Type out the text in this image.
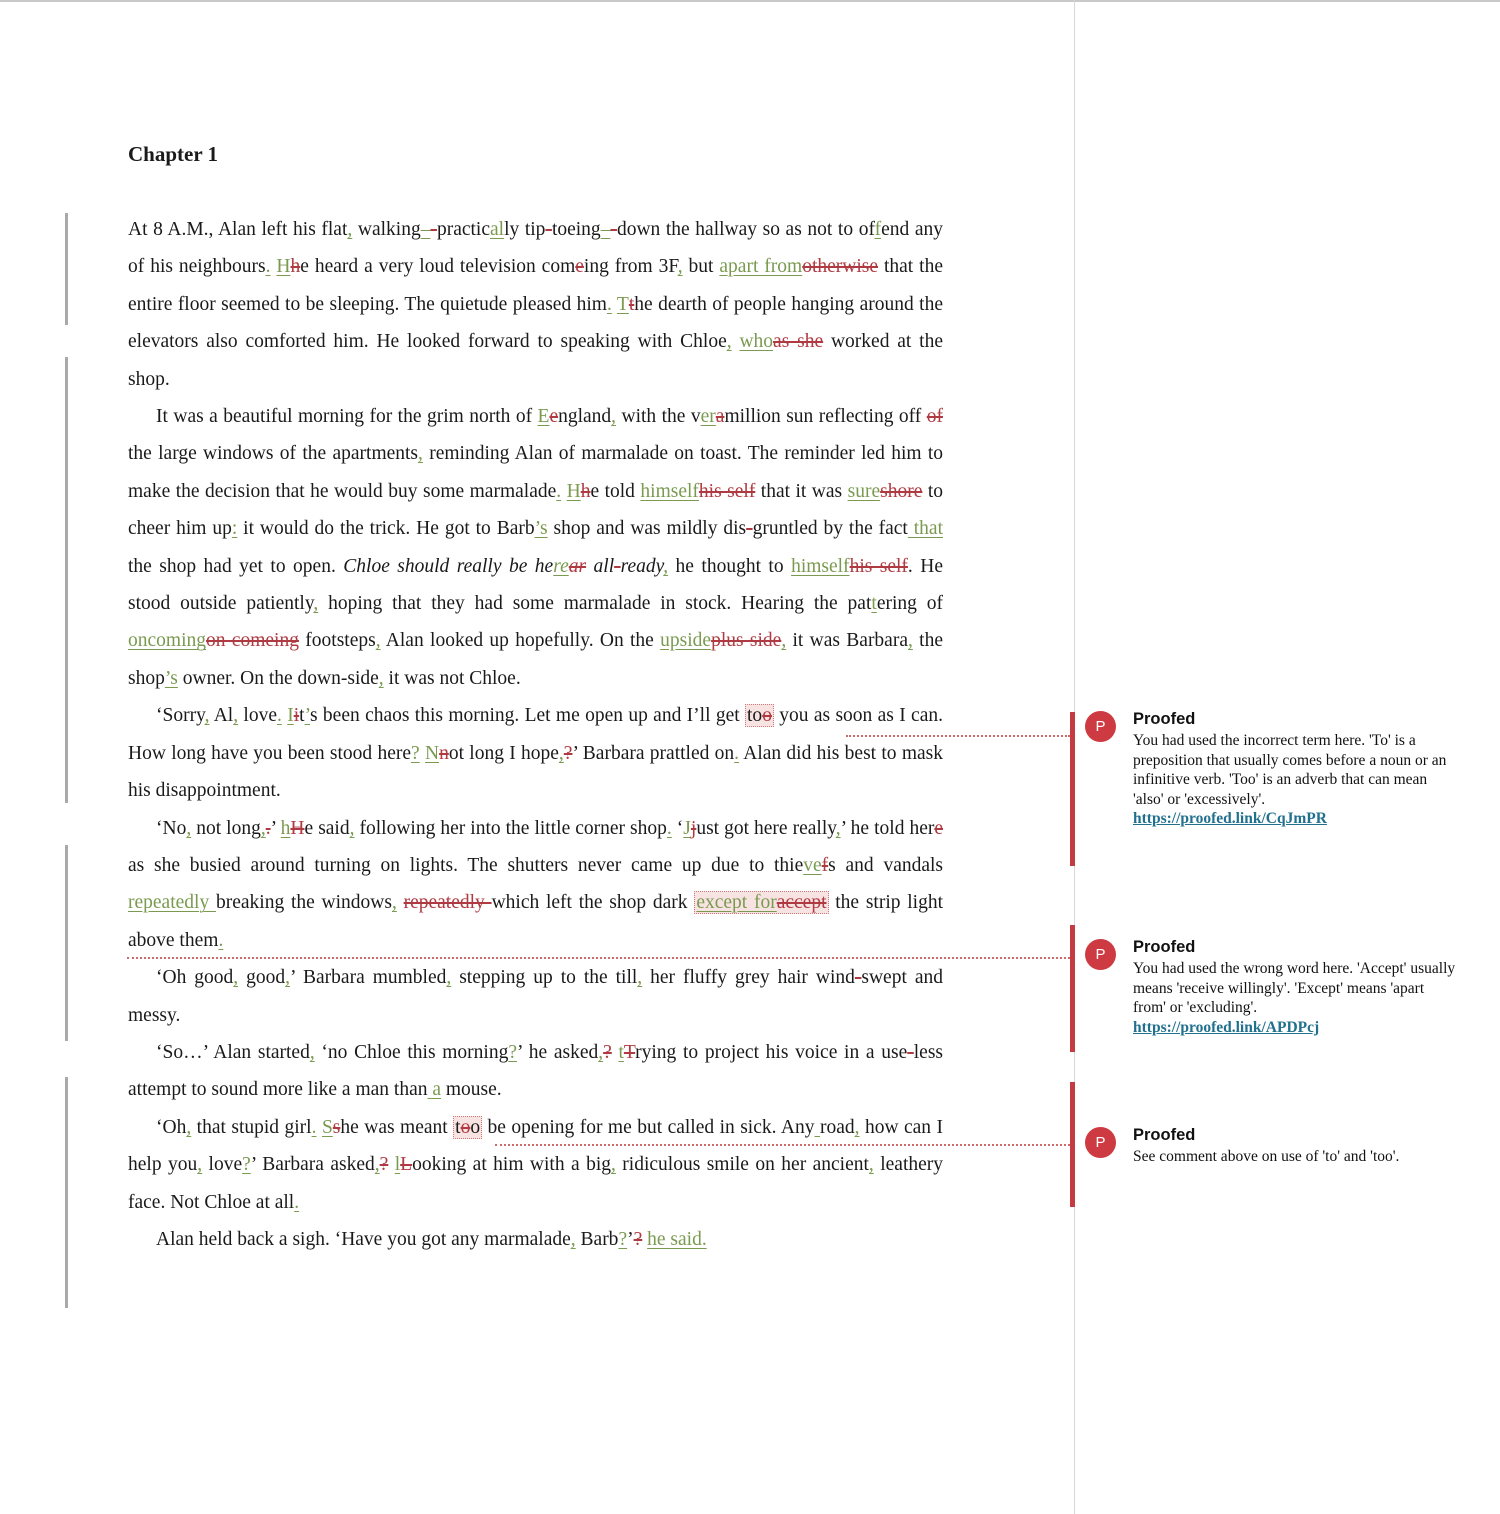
Chapter 1

At 8 A.M., Alan left his flat, walking–-practically tip-toeing–-down the hallway so as not to offend any of his neighbours. Hhe heard a very loud television comeing from 3F, but apart fromotherwise that the entire floor seemed to be sleeping. The quietude pleased him. Tthe dearth of people hanging around the elevators also comforted him. He looked forward to speaking with Chloe, whoas she worked at the shop.

It was a beautiful morning for the grim north of Eengland, with the veramillion sun reflecting off of the large windows of the apartments, reminding Alan of marmalade on toast. The reminder led him to make the decision that he would buy some marmalade. Hhe told himselfhis self that it was sureshore to cheer him up: it would do the trick. He got to Barb’s shop and was mildly dis-gruntled by the fact that the shop had yet to open. Chloe should really be herear all-ready, he thought to himselfhis self. He stood outside patiently, hoping that they had some marmalade in stock. Hearing the pattering of oncomingon comeing footsteps, Alan looked up hopefully. On the upsideplus side, it was Barbara, the shop’s owner. On the down-side, it was not Chloe.

‘Sorry, Al, love. Iit’s been chaos this morning. Let me open up and I’ll get too you as soon as I can. How long have you been stood here? Nnot long I hope,?’ Barbara prattled on. Alan did his best to mask his disappointment.

‘No, not long,.’ hHe said, following her into the little corner shop. ‘Jjust got here really,’ he told here as she busied around turning on lights. The shutters never came up due to thievefs and vandals repeatedly breaking the windows, repeatedly which left the shop dark except foraccept the strip light above them.

‘Oh good, good,’ Barbara mumbled, stepping up to the till, her fluffy grey hair wind-swept and messy.

‘So…’ Alan started, ‘no Chloe this morning?’ he asked,? tTrying to project his voice in a use-less attempt to sound more like a man than a mouse.

‘Oh, that stupid girl. Sshe was meant too be opening for me but called in sick. Any road, how can I help you, love?’ Barbara asked,? lLooking at him with a big, ridiculous smile on her ancient, leathery face. Not Chloe at all.

Alan held back a sigh. ‘Have you got any marmalade, Barb?’? he said.

P	Proofed
You had used the incorrect term here. 'To' is a preposition that usually comes before a noun or an infinitive verb. 'Too' is an adverb that can mean 'also' or 'excessively'.
https://proofed.link/CqJmPR
P	Proofed
You had used the wrong word here. 'Accept' usually means 'receive willingly'. 'Except' means 'apart from' or 'excluding'.
https://proofed.link/APDPcj
P	Proofed
See comment above on use of 'to' and 'too'.
